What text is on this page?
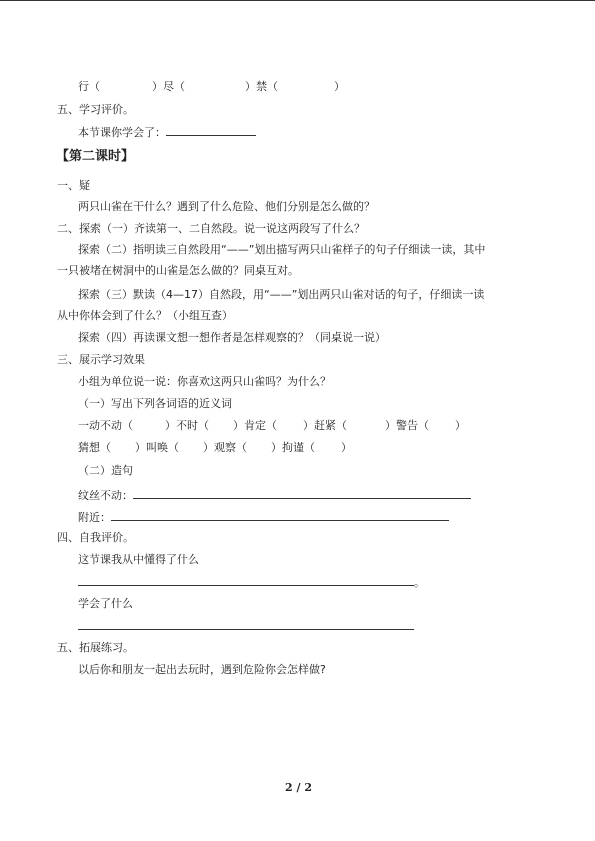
行（	）尽（	）禁（	）
五、学习评价。
本节课你学会了：
【第二课时】
一、疑
两只山雀在干什么？遇到了什么危险、他们分别是怎么做的？
二、探索（一）齐读第一、二自然段。说一说这两段写了什么？
探索（二）指明读三自然段用“——”划出描写两只山雀样子的句子仔细读一读，其中
一只被堵在树洞中的山雀是怎么做的？同桌互对。
探索（三）默读（4—17）自然段，用“——”划出两只山雀对话的句子，仔细读一读
从中你体会到了什么？（小组互查）
探索（四）再读课文想一想作者是怎样观察的？（同桌说一说）
三、展示学习效果
小组为单位说一说：你喜欢这两只山雀吗？为什么？
（一）写出下列各词语的近义词
一动不动（	）不时（ ）肯定（ ）赶紧（	）警告（ ）
猜想（ ）叫唤（ ）观察（ ）拘谨（ ）
（二）造句
纹丝不动：
附近：
四、自我评价。
这节课我从中懂得了什么
。
学会了什么
五、拓展练习。
以后你和朋友一起出去玩时，遇到危险你会怎样做?
2 / 2
